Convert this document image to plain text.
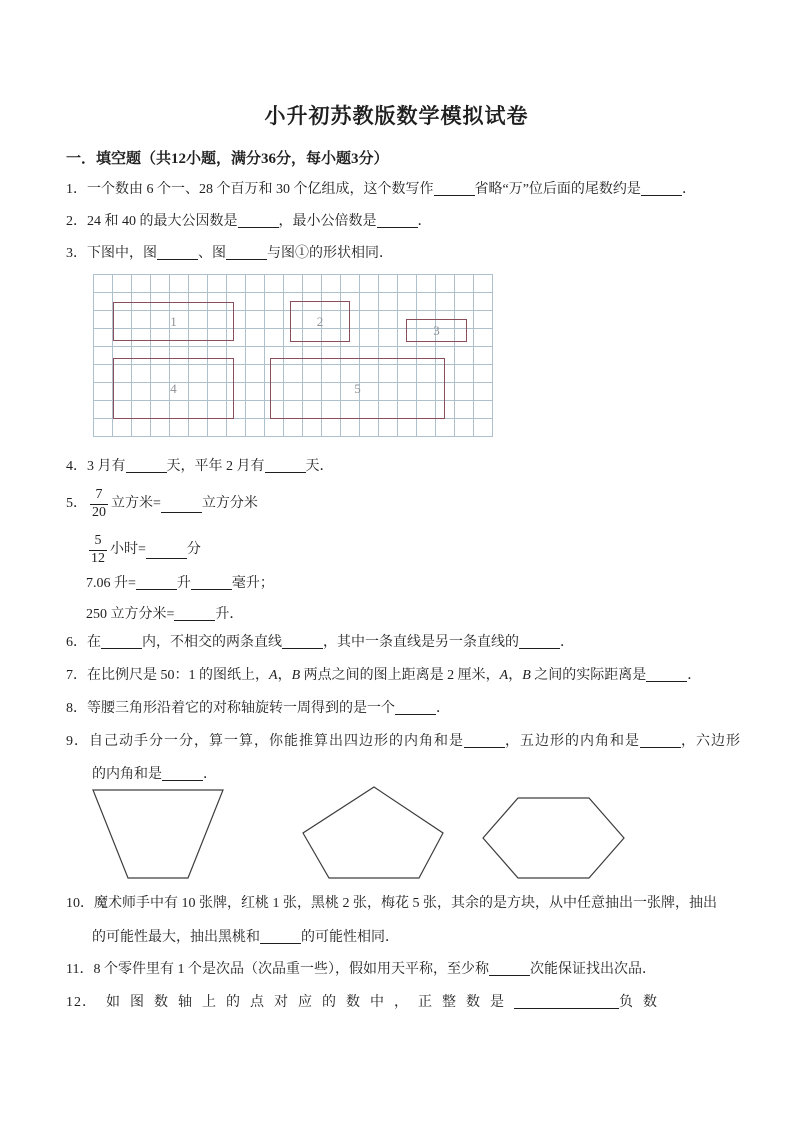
小升初苏教版数学模拟试卷
一．填空题（共12小题，满分36分，每小题3分）
1．一个数由 6 个一、28 个百万和 30 个亿组成，这个数写作	省略“万”位后面的尾数约是	．
2．24 和 40 的最大公因数是	，最小公倍数是	．
3．下图中，图	、图	与图①的形状相同．
1	2
3
4	5
4．3 月有	天，平年 2 月有	天．
5． $\frac{7}{20}$ 立方米=	立方分米
$\frac{5}{12}$ 小时=	分
7.06 升=	升	毫升；
250 立方分米=	升．
6．在	内，不相交的两条直线	，其中一条直线是另一条直线的	．
7．在比例尺是 50：1 的图纸上，A，B 两点之间的图上距离是 2 厘米，A，B 之间的实际距离是	．
8．等腰三角形沿着它的对称轴旋转一周得到的是一个	．
9．自己动手分一分，算一算，你能推算出四边形的内角和是	，五边形的内角和是	，六边形
的内角和是	．
10．魔术师手中有 10 张牌，红桃 1 张，黑桃 2 张，梅花 5 张，其余的是方块，从中任意抽出一张牌，抽出
的可能性最大，抽出黑桃和	的可能性相同．
11．8 个零件里有 1 个是次品（次品重一些），假如用天平称，至少称	次能保证找出次品．
12．如图数轴上的点对应的数中，正整数是	负数
